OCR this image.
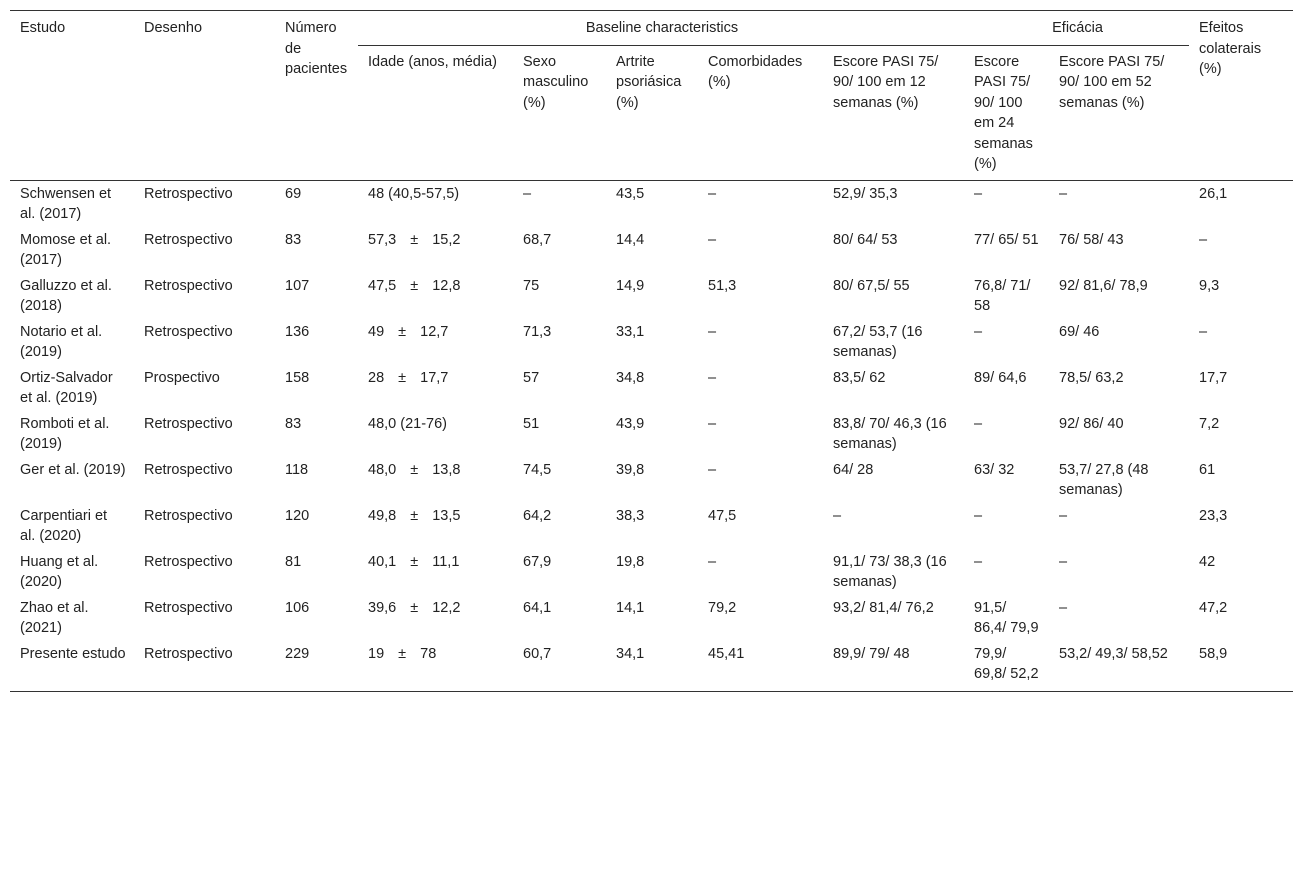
Estudo	Desenho	Número de pacientes	Baseline characteristics					Eficácia		Efeitos colaterais (%)
			Idade (anos, média)	Sexo masculino (%)	Artrite psoriásica (%)	Comorbidades (%)	Escore PASI 75/ 90/ 100 em 12 semanas (%)	Escore PASI 75/ 90/ 100 em 24 semanas (%)	Escore PASI 75/ 90/ 100 em 52 semanas (%)	
Schwensen et al. (2017)	Retrospectivo	69	48 (40,5-57,5)	–	43,5	–	52,9/ 35,3	–	–	26,1
Momose et al. (2017)	Retrospectivo	83	57,3 ± 15,2	68,7	14,4	–	80/ 64/ 53	77/ 65/ 51	76/ 58/ 43	–
Galluzzo et al. (2018)	Retrospectivo	107	47,5 ± 12,8	75	14,9	51,3	80/ 67,5/ 55	76,8/ 71/ 58	92/ 81,6/ 78,9	9,3
Notario et al. (2019)	Retrospectivo	136	49 ± 12,7	71,3	33,1	–	67,2/ 53,7 (16 semanas)	–	69/ 46	–
Ortiz-Salvador et al. (2019)	Prospectivo	158	28 ± 17,7	57	34,8	–	83,5/ 62	89/ 64,6	78,5/ 63,2	17,7
Romboti et al. (2019)	Retrospectivo	83	48,0 (21-76)	51	43,9	–	83,8/ 70/ 46,3 (16 semanas)	–	92/ 86/ 40	7,2
Ger et al. (2019)	Retrospectivo	118	48,0 ± 13,8	74,5	39,8	–	64/ 28	63/ 32	53,7/ 27,8 (48 semanas)	61
Carpentiari et al. (2020)	Retrospectivo	120	49,8 ± 13,5	64,2	38,3	47,5	–	–	–	23,3
Huang et al. (2020)	Retrospectivo	81	40,1 ± 11,1	67,9	19,8	–	91,1/ 73/ 38,3 (16 semanas)	–	–	42
Zhao et al. (2021)	Retrospectivo	106	39,6 ± 12,2	64,1	14,1	79,2	93,2/ 81,4/ 76,2	91,5/ 86,4/ 79,9	–	47,2
Presente estudo	Retrospectivo	229	19 ± 78	60,7	34,1	45,41	89,9/ 79/ 48	79,9/ 69,8/ 52,2	53,2/ 49,3/ 58,52	58,9
